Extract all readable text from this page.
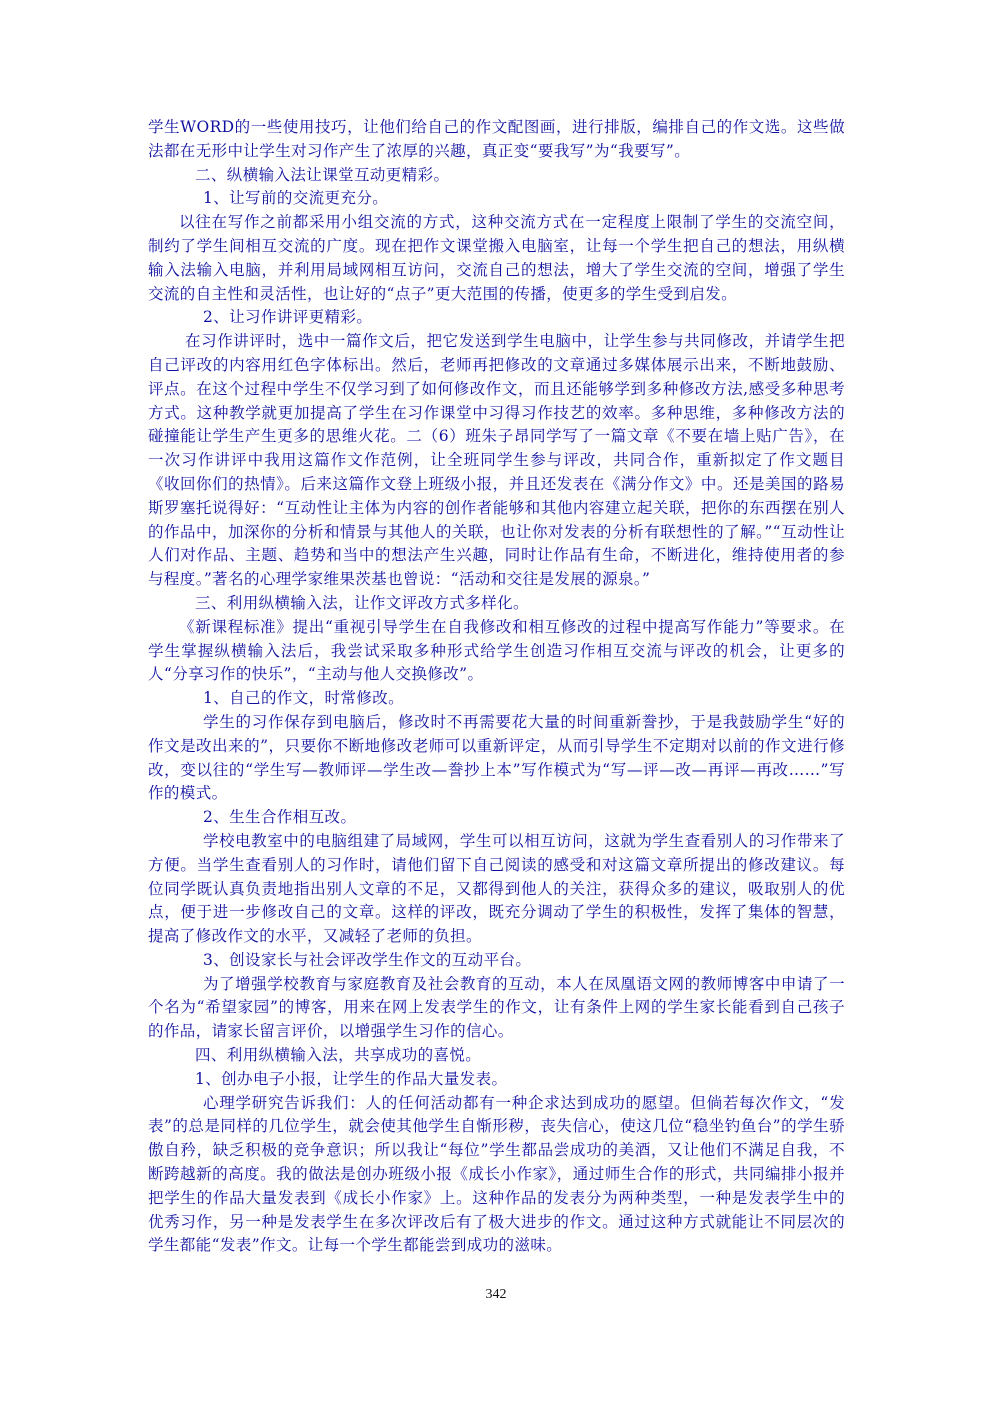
学生WORD的一些使用技巧，让他们给自己的作文配图画，进行排版，编排自己的作文选。这些做法都在无形中让学生对习作产生了浓厚的兴趣，真正变“要我写”为“我要写”。

二、纵横输入法让课堂互动更精彩。

1、让写前的交流更充分。

以往在写作之前都采用小组交流的方式，这种交流方式在一定程度上限制了学生的交流空间，制约了学生间相互交流的广度。现在把作文课堂搬入电脑室，让每一个学生把自己的想法，用纵横输入法输入电脑，并利用局域网相互访问，交流自己的想法，增大了学生交流的空间，增强了学生交流的自主性和灵活性，也让好的“点子”更大范围的传播，使更多的学生受到启发。

2、让习作讲评更精彩。

在习作讲评时，选中一篇作文后，把它发送到学生电脑中，让学生参与共同修改，并请学生把自己评改的内容用红色字体标出。然后，老师再把修改的文章通过多媒体展示出来，不断地鼓励、评点。在这个过程中学生不仅学习到了如何修改作文，而且还能够学到多种修改方法,感受多种思考方式。这种教学就更加提高了学生在习作课堂中习得习作技艺的效率。多种思维，多种修改方法的碰撞能让学生产生更多的思维火花。二（6）班朱子昂同学写了一篇文章《不要在墙上贴广告》，在一次习作讲评中我用这篇作文作范例，让全班同学生参与评改，共同合作，重新拟定了作文题目《收回你们的热情》。后来这篇作文登上班级小报，并且还发表在《满分作文》中。还是美国的路易斯罗塞托说得好：“互动性让主体为内容的创作者能够和其他内容建立起关联，把你的东西摆在别人的作品中，加深你的分析和情景与其他人的关联，也让你对发表的分析有联想性的了解。”“互动性让人们对作品、主题、趋势和当中的想法产生兴趣，同时让作品有生命，不断进化，维持使用者的参与程度。”著名的心理学家维果茨基也曾说：“活动和交往是发展的源泉。”

三、利用纵横输入法，让作文评改方式多样化。

《新课程标准》提出“重视引导学生在自我修改和相互修改的过程中提高写作能力”等要求。在学生掌握纵横输入法后，我尝试采取多种形式给学生创造习作相互交流与评改的机会，让更多的人“分享习作的快乐”，“主动与他人交换修改”。

1、自己的作文，时常修改。

学生的习作保存到电脑后，修改时不再需要花大量的时间重新誊抄，于是我鼓励学生“好的作文是改出来的”，只要你不断地修改老师可以重新评定，从而引导学生不定期对以前的作文进行修改，变以往的“学生写—教师评—学生改—誊抄上本”写作模式为“写—评—改—再评—再改……”写作的模式。

2、生生合作相互改。

学校电教室中的电脑组建了局域网，学生可以相互访问，这就为学生查看别人的习作带来了方便。当学生查看别人的习作时，请他们留下自己阅读的感受和对这篇文章所提出的修改建议。每位同学既认真负责地指出别人文章的不足，又都得到他人的关注，获得众多的建议，吸取别人的优点，便于进一步修改自己的文章。这样的评改，既充分调动了学生的积极性，发挥了集体的智慧，提高了修改作文的水平，又减轻了老师的负担。

3、创设家长与社会评改学生作文的互动平台。

为了增强学校教育与家庭教育及社会教育的互动，本人在凤凰语文网的教师博客中申请了一个名为“希望家园”的博客，用来在网上发表学生的作文，让有条件上网的学生家长能看到自己孩子的作品，请家长留言评价，以增强学生习作的信心。

四、利用纵横输入法，共享成功的喜悦。

1、创办电子小报，让学生的作品大量发表。

心理学研究告诉我们：人的任何活动都有一种企求达到成功的愿望。但倘若每次作文，“发表”的总是同样的几位学生，就会使其他学生自惭形秽，丧失信心，使这几位“稳坐钓鱼台”的学生骄傲自矜，缺乏积极的竞争意识；所以我让“每位”学生都品尝成功的美酒，又让他们不满足自我，不断跨越新的高度。我的做法是创办班级小报《成长小作家》，通过师生合作的形式，共同编排小报并把学生的作品大量发表到《成长小作家》上。这种作品的发表分为两种类型，一种是发表学生中的优秀习作，另一种是发表学生在多次评改后有了极大进步的作文。通过这种方式就能让不同层次的学生都能“发表”作文。让每一个学生都能尝到成功的滋味。

342
